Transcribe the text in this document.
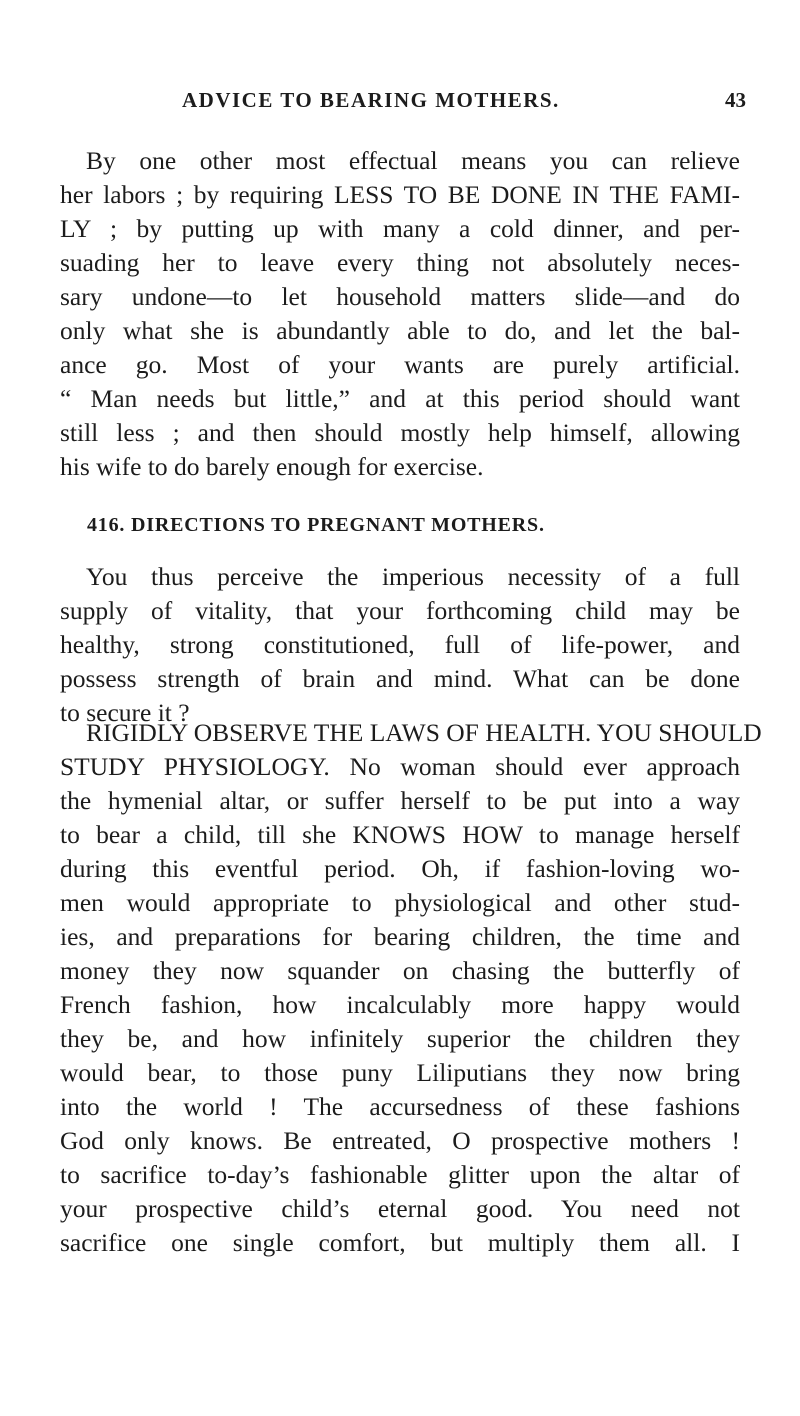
ADVICE TO BEARING MOTHERS.	43
By one other most effectual means you can relieve
her labors ; by requiring LESS TO BE DONE IN THE FAMI-
LY ; by putting up with many a cold dinner, and per-
suading her to leave every thing not absolutely neces-
sary undone—to let household matters slide—and do
only what she is abundantly able to do, and let the bal-
ance go. Most of your wants are purely artificial.
“ Man needs but little,” and at this period should want
still less ; and then should mostly help himself, allowing
his wife to do barely enough for exercise.
416. DIRECTIONS TO PREGNANT MOTHERS.
You thus perceive the imperious necessity of a full
supply of vitality, that your forthcoming child may be
healthy, strong constitutioned, full of life-power, and
possess strength of brain and mind. What can be done
to secure it ?
RIGIDLY OBSERVE THE LAWS OF HEALTH. YOU SHOULD
STUDY PHYSIOLOGY. No woman should ever approach
the hymenial altar, or suffer herself to be put into a way
to bear a child, till she KNOWS HOW to manage herself
during this eventful period. Oh, if fashion-loving wo-
men would appropriate to physiological and other stud-
ies, and preparations for bearing children, the time and
money they now squander on chasing the butterfly of
French fashion, how incalculably more happy would
they be, and how infinitely superior the children they
would bear, to those puny Liliputians they now bring
into the world ! The accursedness of these fashions
God only knows. Be entreated, O prospective mothers !
to sacrifice to-day’s fashionable glitter upon the altar of
your prospective child’s eternal good. You need not
sacrifice one single comfort, but multiply them all. I
